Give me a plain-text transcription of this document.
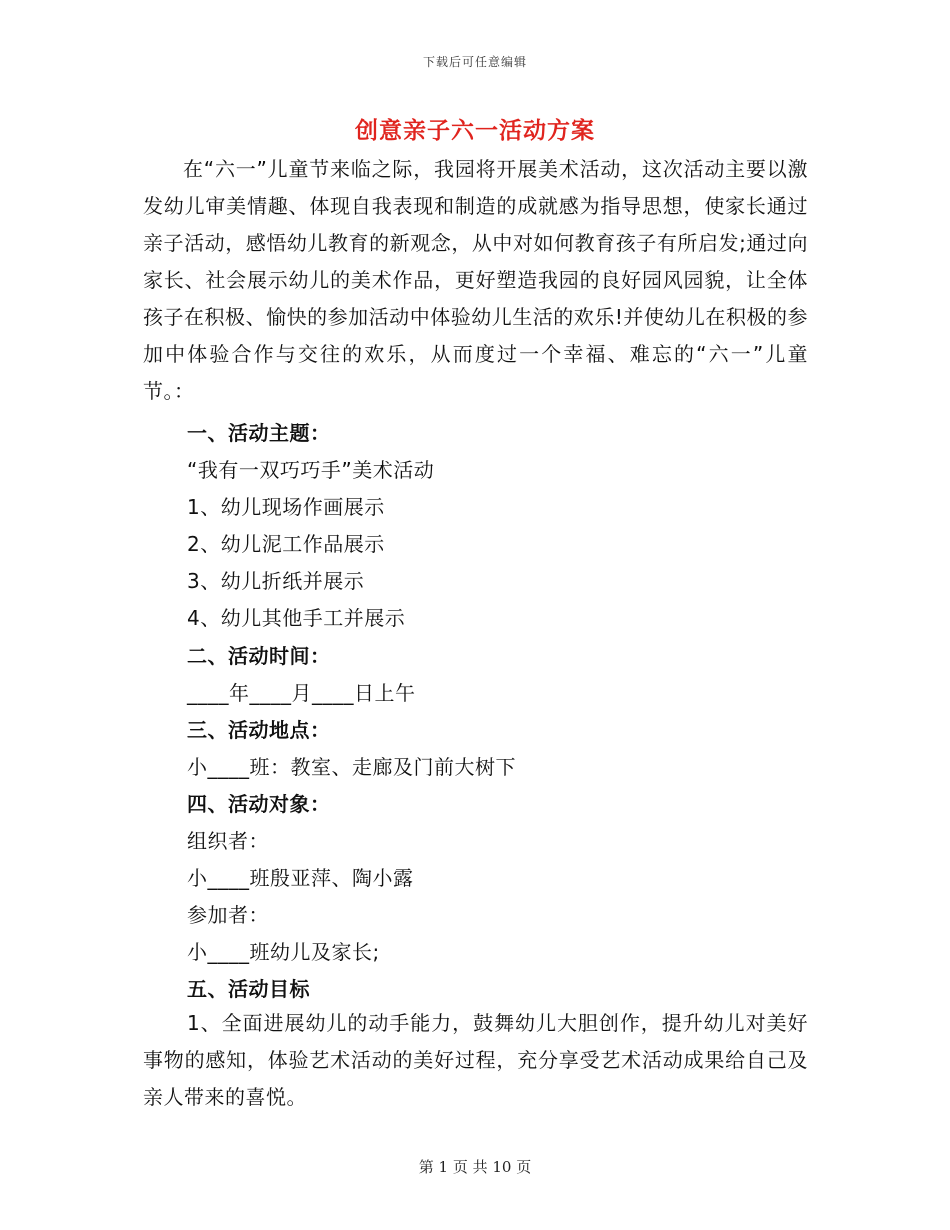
下载后可任意编辑
创意亲子六一活动方案

在“六一”儿童节来临之际，我园将开展美术活动，这次活动主要以激发幼儿审美情趣、体现自我表现和制造的成就感为指导思想，使家长通过亲子活动，感悟幼儿教育的新观念，从中对如何教育孩子有所启发;通过向家长、社会展示幼儿的美术作品，更好塑造我园的良好园风园貌，让全体孩子在积极、愉快的参加活动中体验幼儿生活的欢乐!并使幼儿在积极的参加中体验合作与交往的欢乐，从而度过一个幸福、难忘的“六一”儿童节。：

一、活动主题：

“我有一双巧巧手”美术活动

1、幼儿现场作画展示

2、幼儿泥工作品展示

3、幼儿折纸并展示

4、幼儿其他手工并展示

二、活动时间：

____年____月____日上午

三、活动地点：

小____班：教室、走廊及门前大树下

四、活动对象：

组织者：

小____班殷亚萍、陶小露

参加者：

小____班幼儿及家长;

五、活动目标

1、全面进展幼儿的动手能力，鼓舞幼儿大胆创作，提升幼儿对美好事物的感知，体验艺术活动的美好过程，充分享受艺术活动成果给自己及亲人带来的喜悦。

第 1 页 共 10 页
